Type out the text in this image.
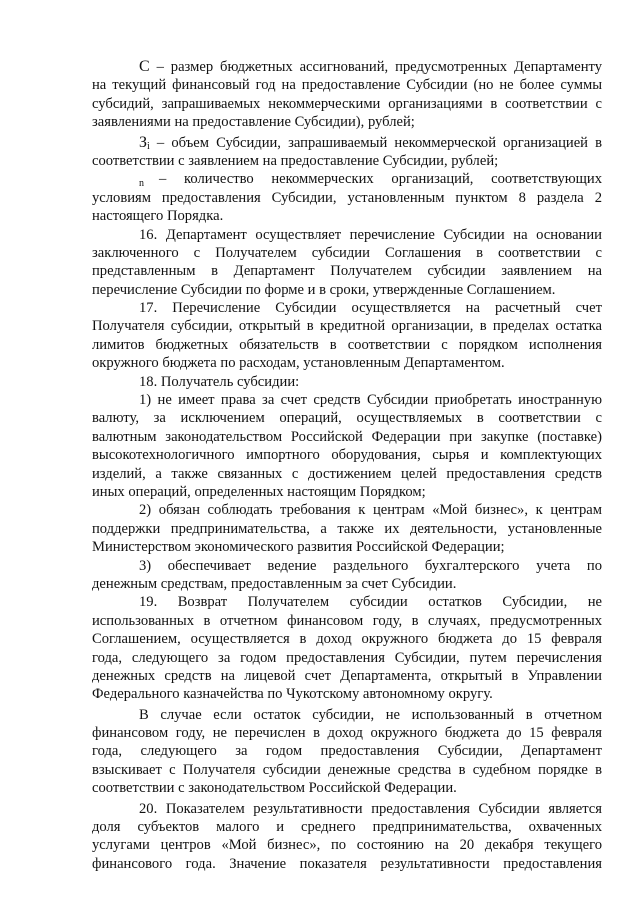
C – размер бюджетных ассигнований, предусмотренных Департаменту
на текущий финансовый год на предоставление Субсидии (но не более суммы
субсидий, запрашиваемых некоммерческими организациями в соответствии с
заявлениями на предоставление Субсидии), рублей;
$З_i$ – объем Субсидии, запрашиваемый некоммерческой организацией в
соответствии с заявлением на предоставление Субсидии, рублей;
n – количество некоммерческих организаций, соответствующих
условиям предоставления Субсидии, установленным пунктом 8 раздела 2
настоящего Порядка.
16. Департамент осуществляет перечисление Субсидии на основании
заключенного с Получателем субсидии Соглашения в соответствии с
представленным в Департамент Получателем субсидии заявлением на
перечисление Субсидии по форме и в сроки, утвержденные Соглашением.
17. Перечисление Субсидии осуществляется на расчетный счет
Получателя субсидии, открытый в кредитной организации, в пределах остатка
лимитов бюджетных обязательств в соответствии с порядком исполнения
окружного бюджета по расходам, установленным Департаментом.
18. Получатель субсидии:
1) не имеет права за счет средств Субсидии приобретать иностранную
валюту, за исключением операций, осуществляемых в соответствии с
валютным законодательством Российской Федерации при закупке (поставке)
высокотехнологичного импортного оборудования, сырья и комплектующих
изделий, а также связанных с достижением целей предоставления средств
иных операций, определенных настоящим Порядком;
2) обязан соблюдать требования к центрам «Мой бизнес», к центрам
поддержки предпринимательства, а также их деятельности, установленные
Министерством экономического развития Российской Федерации;
3) обеспечивает ведение раздельного бухгалтерского учета по
денежным средствам, предоставленным за счет Субсидии.
19. Возврат Получателем субсидии остатков Субсидии, не
использованных в отчетном финансовом году, в случаях, предусмотренных
Соглашением, осуществляется в доход окружного бюджета до 15 февраля
года, следующего за годом предоставления Субсидии, путем перечисления
денежных средств на лицевой счет Департамента, открытый в Управлении
Федерального казначейства по Чукотскому автономному округу.
В случае если остаток субсидии, не использованный в отчетном
финансовом году, не перечислен в доход окружного бюджета до 15 февраля
года, следующего за годом предоставления Субсидии, Департамент
взыскивает с Получателя субсидии денежные средства в судебном порядке в
соответствии с законодательством Российской Федерации.
20. Показателем результативности предоставления Субсидии является
доля субъектов малого и среднего предпринимательства, охваченных
услугами центров «Мой бизнес», по состоянию на 20 декабря текущего
финансового года. Значение показателя результативности предоставления
